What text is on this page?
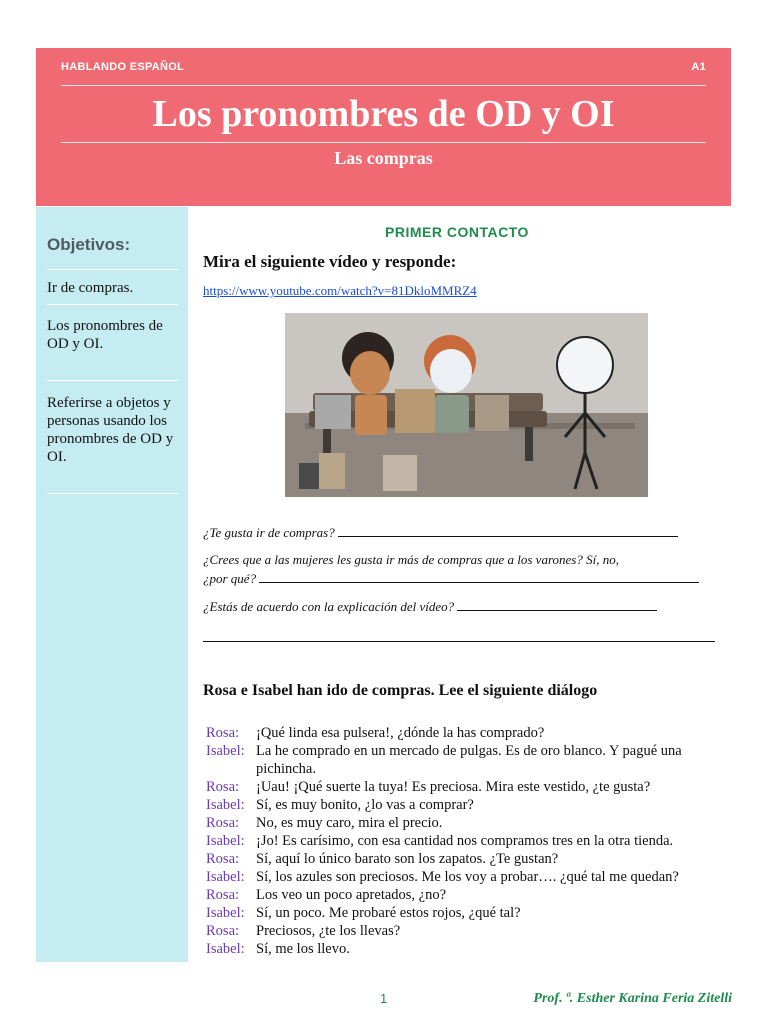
HABLANDO ESPAÑOL	A1
Los pronombres de OD y OI
Las compras
Objetivos:
Ir de compras.
Los pronombres de OD y OI.
Referirse a objetos y personas usando los pronombres de OD y OI.
PRIMER CONTACTO
Mira el siguiente vídeo y responde:
https://www.youtube.com/watch?v=81DkloMMRZ4
¿Te gusta ir de compras?
¿Crees que a las mujeres les gusta ir más de compras que a los varones? Sí, no,
¿por qué?
¿Estás de acuerdo con la explicación del vídeo?
Rosa e Isabel han ido de compras. Lee el siguiente diálogo
Rosa: ¡Qué linda esa pulsera!, ¿dónde la has comprado?
Isabel: La he comprado en un mercado de pulgas. Es de oro blanco. Y pagué una
pichincha.
Rosa: ¡Uau! ¡Qué suerte la tuya! Es preciosa. Mira este vestido, ¿te gusta?
Isabel: Sí, es muy bonito, ¿lo vas a comprar?
Rosa: No, es muy caro, mira el precio.
Isabel: ¡Jo! Es carísimo, con esa cantidad nos compramos tres en la otra tienda.
Rosa: Sí, aquí lo único barato son los zapatos. ¿Te gustan?
Isabel: Sí, los azules son preciosos. Me los voy a probar…. ¿qué tal me quedan?
Rosa: Los veo un poco apretados, ¿no?
Isabel: Sí, un poco. Me probaré estos rojos, ¿qué tal?
Rosa: Preciosos, ¿te los llevas?
Isabel: Sí, me los llevo.
1	Prof. ª. Esther Karina Feria Zitelli
